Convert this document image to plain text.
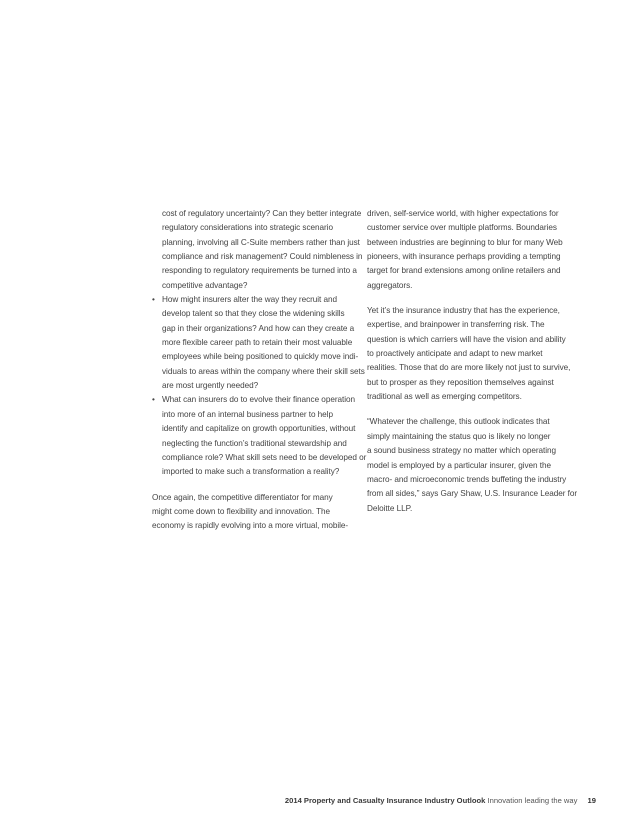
cost of regulatory uncertainty? Can they better integrate
regulatory considerations into strategic scenario
planning, involving all C-Suite members rather than just
compliance and risk management? Could nimbleness in
responding to regulatory requirements be turned into a
competitive advantage?
• How might insurers alter the way they recruit and
develop talent so that they close the widening skills
gap in their organizations? And how can they create a
more flexible career path to retain their most valuable
employees while being positioned to quickly move indi-
viduals to areas within the company where their skill sets
are most urgently needed?
• What can insurers do to evolve their finance operation
into more of an internal business partner to help
identify and capitalize on growth opportunities, without
neglecting the function’s traditional stewardship and
compliance role? What skill sets need to be developed or
imported to make such a transformation a reality?
Once again, the competitive differentiator for many
might come down to flexibility and innovation. The
economy is rapidly evolving into a more virtual, mobile-
driven, self-service world, with higher expectations for
customer service over multiple platforms. Boundaries
between industries are beginning to blur for many Web
pioneers, with insurance perhaps providing a tempting
target for brand extensions among online retailers and
aggregators.
Yet it’s the insurance industry that has the experience,
expertise, and brainpower in transferring risk. The
question is which carriers will have the vision and ability
to proactively anticipate and adapt to new market
realities. Those that do are more likely not just to survive,
but to prosper as they reposition themselves against
traditional as well as emerging competitors.
“Whatever the challenge, this outlook indicates that
simply maintaining the status quo is likely no longer
a sound business strategy no matter which operating
model is employed by a particular insurer, given the
macro- and microeconomic trends buffeting the industry
from all sides,” says Gary Shaw, U.S. Insurance Leader for
Deloitte LLP.
2014 Property and Casualty Insurance Industry Outlook Innovation leading the way 19
